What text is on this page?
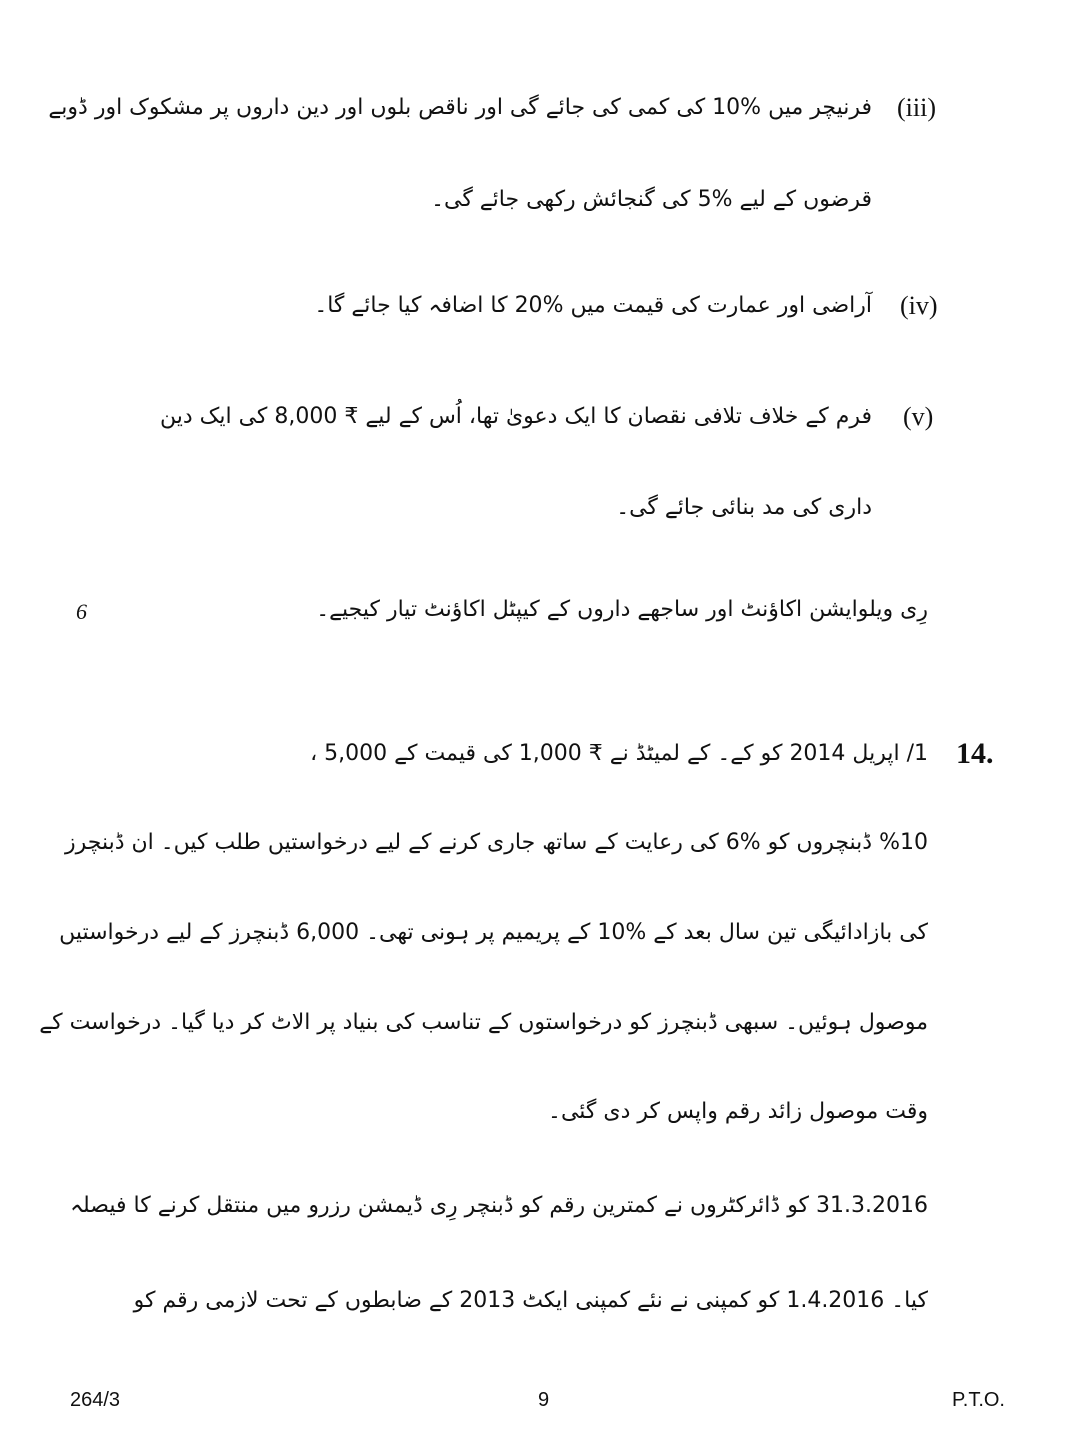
(iii)
فرنیچر میں %10 کی کمی کی جائے گی اور ناقص بلوں اور دین داروں پر مشکوک اور ڈوبے
قرضوں کے لیے %5 کی گنجائش رکھی جائے گی۔
(iv)
آراضی اور عمارت کی قیمت میں %20 کا اضافہ کیا جائے گا۔
(v)
فرم کے خلاف تلافی نقصان کا ایک دعویٰ تھا، اُس کے لیے ₹ 8,000 کی ایک دین
داری کی مد بنائی جائے گی۔
رِی ویلوایشن اکاؤنٹ اور ساجھے داروں کے کیپٹل اکاؤنٹ تیار کیجیے۔
6
14.
1/ اپریل 2014 کو کے۔ کے لمیٹڈ نے ₹ 1,000 کی قیمت کے 5,000 ،
%10 ڈبنچروں کو %6 کی رعایت کے ساتھ جاری کرنے کے لیے درخواستیں طلب کیں۔ ان ڈبنچرز
کی بازادائیگی تین سال بعد کے %10 کے پریمیم پر ہونی تھی۔ 6,000 ڈبنچرز کے لیے درخواستیں
موصول ہوئیں۔ سبھی ڈبنچرز کو درخواستوں کے تناسب کی بنیاد پر الاٹ کر دیا گیا۔ درخواست کے
وقت موصول زائد رقم واپس کر دی گئی۔
31.3.2016 کو ڈائرکٹروں نے کمترین رقم کو ڈبنچر رِی ڈیمشن رزرو میں منتقل کرنے کا فیصلہ
کیا۔ 1.4.2016 کو کمپنی نے نئے کمپنی ایکٹ 2013 کے ضابطوں کے تحت لازمی رقم کو
264/3	9	P.T.O.
